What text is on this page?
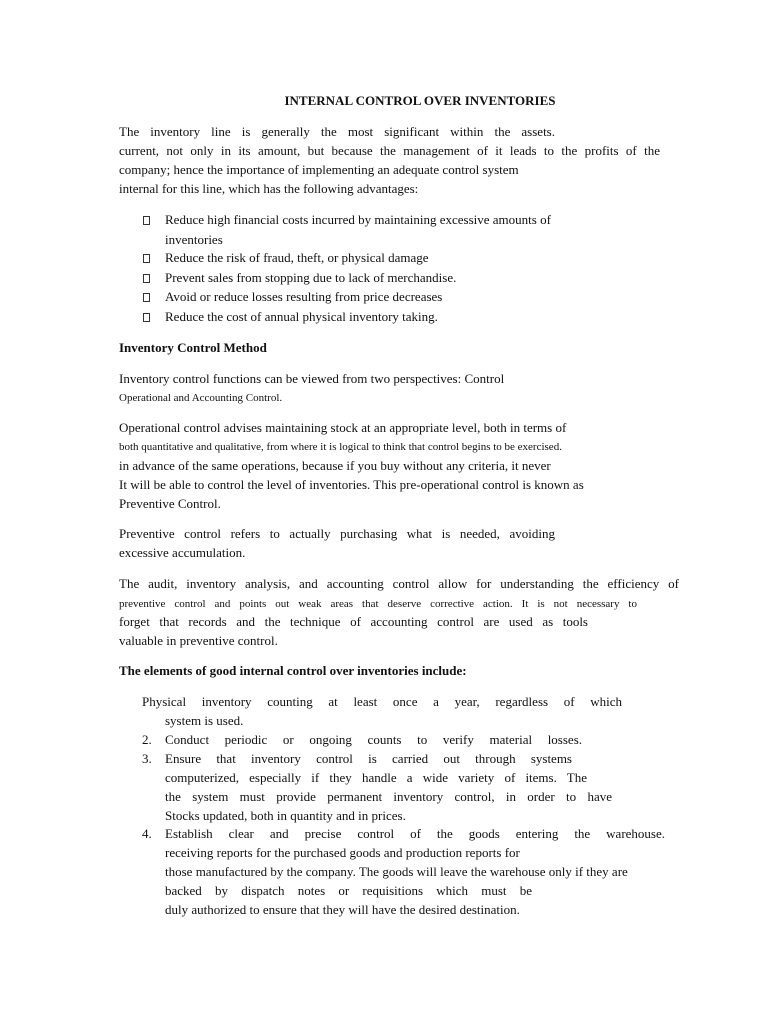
INTERNAL CONTROL OVER INVENTORIES
The inventory line is generally the most significant within the assets.
current, not only in its amount, but because the management of it leads to the profits of the
company; hence the importance of implementing an adequate control system
internal for this line, which has the following advantages:
Reduce high financial costs incurred by maintaining excessive amounts of
inventories
Reduce the risk of fraud, theft, or physical damage
Prevent sales from stopping due to lack of merchandise.
Avoid or reduce losses resulting from price decreases
Reduce the cost of annual physical inventory taking.
Inventory Control Method
Inventory control functions can be viewed from two perspectives: Control
Operational and Accounting Control.
Operational control advises maintaining stock at an appropriate level, both in terms of
both quantitative and qualitative, from where it is logical to think that control begins to be exercised.
in advance of the same operations, because if you buy without any criteria, it never
It will be able to control the level of inventories. This pre-operational control is known as
Preventive Control.
Preventive control refers to actually purchasing what is needed, avoiding
excessive accumulation.
The audit, inventory analysis, and accounting control allow for understanding the efficiency of
preventive control and points out weak areas that deserve corrective action. It is not necessary to
forget that records and the technique of accounting control are used as tools
valuable in preventive control.
The elements of good internal control over inventories include:
Physical inventory counting at least once a year, regardless of which
system is used.
2. Conduct periodic or ongoing counts to verify material losses.
3. Ensure that inventory control is carried out through systems
computerized, especially if they handle a wide variety of items. The
the system must provide permanent inventory control, in order to have
Stocks updated, both in quantity and in prices.
4. Establish clear and precise control of the goods entering the warehouse.
receiving reports for the purchased goods and production reports for
those manufactured by the company. The goods will leave the warehouse only if they are
backed by dispatch notes or requisitions which must be
duly authorized to ensure that they will have the desired destination.
